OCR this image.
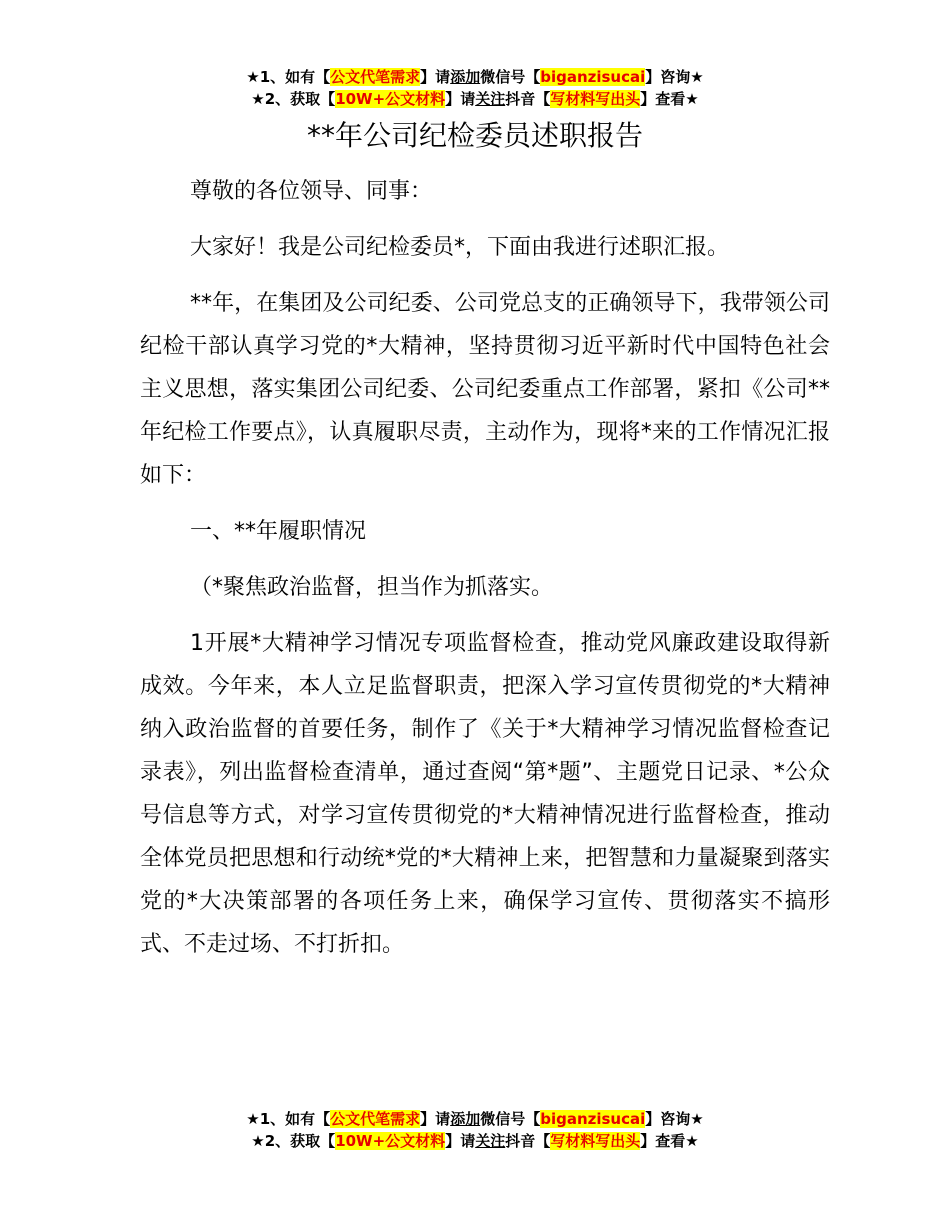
★1、如有【公文代笔需求】请添加微信号【biganzisucai】咨询★
★2、获取【10W+公文材料】请关注抖音【写材料写出头】查看★
**年公司纪检委员述职报告

尊敬的各位领导、同事：

大家好！我是公司纪检委员*，下面由我进行述职汇报。

**年，在集团及公司纪委、公司党总支的正确领导下，我带领公司纪检干部认真学习党的*大精神，坚持贯彻习近平新时代中国特色社会主义思想，落实集团公司纪委、公司纪委重点工作部署，紧扣《公司**年纪检工作要点》，认真履职尽责，主动作为，现将*来的工作情况汇报如下：

一、**年履职情况

（*聚焦政治监督，担当作为抓落实。

1开展*大精神学习情况专项监督检查，推动党风廉政建设取得新成效。今年来，本人立足监督职责，把深入学习宣传贯彻党的*大精神纳入政治监督的首要任务，制作了《关于*大精神学习情况监督检查记录表》，列出监督检查清单，通过查阅“第*题”、主题党日记录、*公众号信息等方式，对学习宣传贯彻党的*大精神情况进行监督检查，推动全体党员把思想和行动统*党的*大精神上来，把智慧和力量凝聚到落实党的*大决策部署的各项任务上来，确保学习宣传、贯彻落实不搞形式、不走过场、不打折扣。

★1、如有【公文代笔需求】请添加微信号【biganzisucai】咨询★
★2、获取【10W+公文材料】请关注抖音【写材料写出头】查看★
